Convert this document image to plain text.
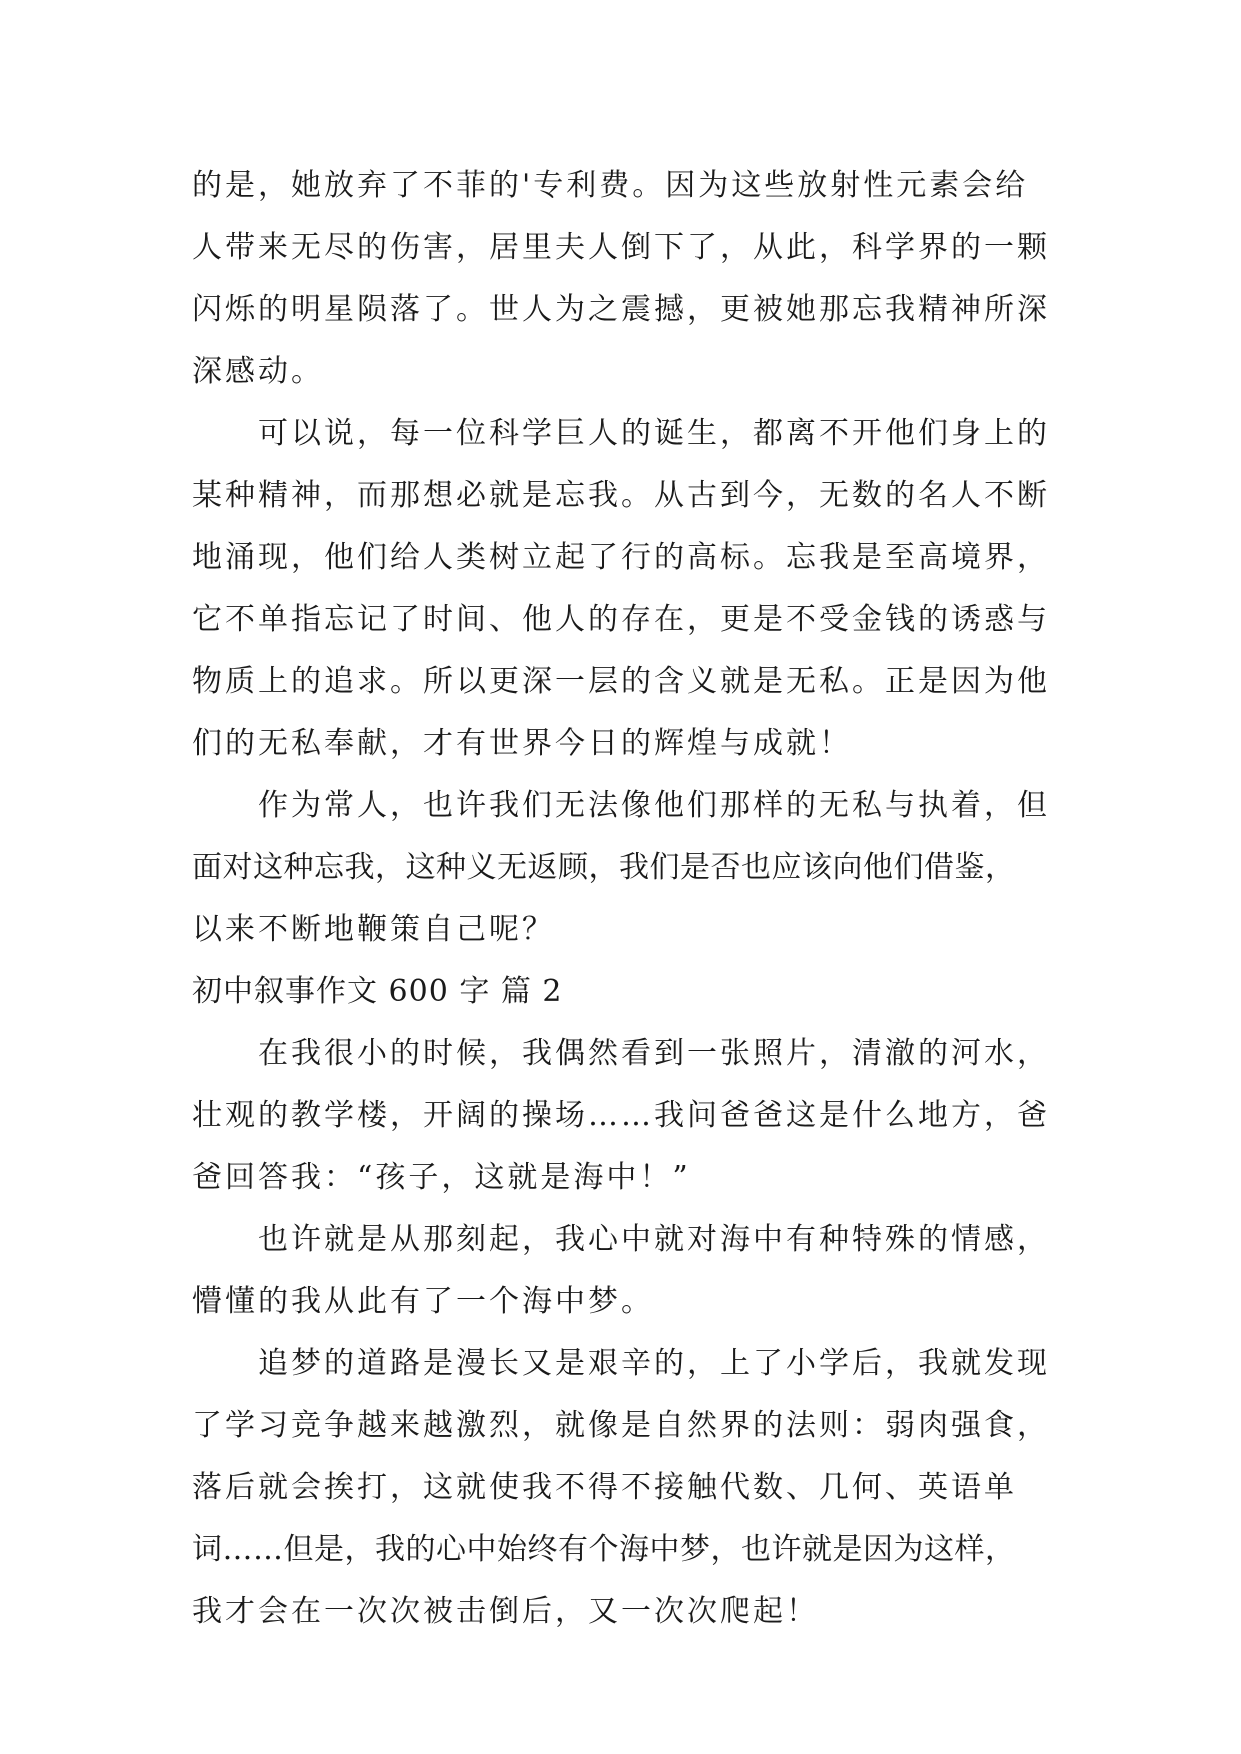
的是，她放弃了不菲的'专利费。因为这些放射性元素会给
人带来无尽的伤害，居里夫人倒下了，从此，科学界的一颗
闪烁的明星陨落了。世人为之震撼，更被她那忘我精神所深
深感动。
可以说，每一位科学巨人的诞生，都离不开他们身上的
某种精神，而那想必就是忘我。从古到今，无数的名人不断
地涌现，他们给人类树立起了行的高标。忘我是至高境界，
它不单指忘记了时间、他人的存在，更是不受金钱的诱惑与
物质上的追求。所以更深一层的含义就是无私。正是因为他
们的无私奉献，才有世界今日的辉煌与成就！
作为常人，也许我们无法像他们那样的无私与执着，但
面对这种忘我，这种义无返顾，我们是否也应该向他们借鉴，
以来不断地鞭策自己呢？
初中叙事作文 600 字 篇 2
在我很小的时候，我偶然看到一张照片，清澈的河水，
壮观的教学楼，开阔的操场……我问爸爸这是什么地方，爸
爸回答我：“孩子，这就是海中！”
也许就是从那刻起，我心中就对海中有种特殊的情感，
懵懂的我从此有了一个海中梦。
追梦的道路是漫长又是艰辛的，上了小学后，我就发现
了学习竞争越来越激烈，就像是自然界的法则：弱肉强食，
落后就会挨打，这就使我不得不接触代数、几何、英语单
词……但是，我的心中始终有个海中梦，也许就是因为这样，
我才会在一次次被击倒后，又一次次爬起！
